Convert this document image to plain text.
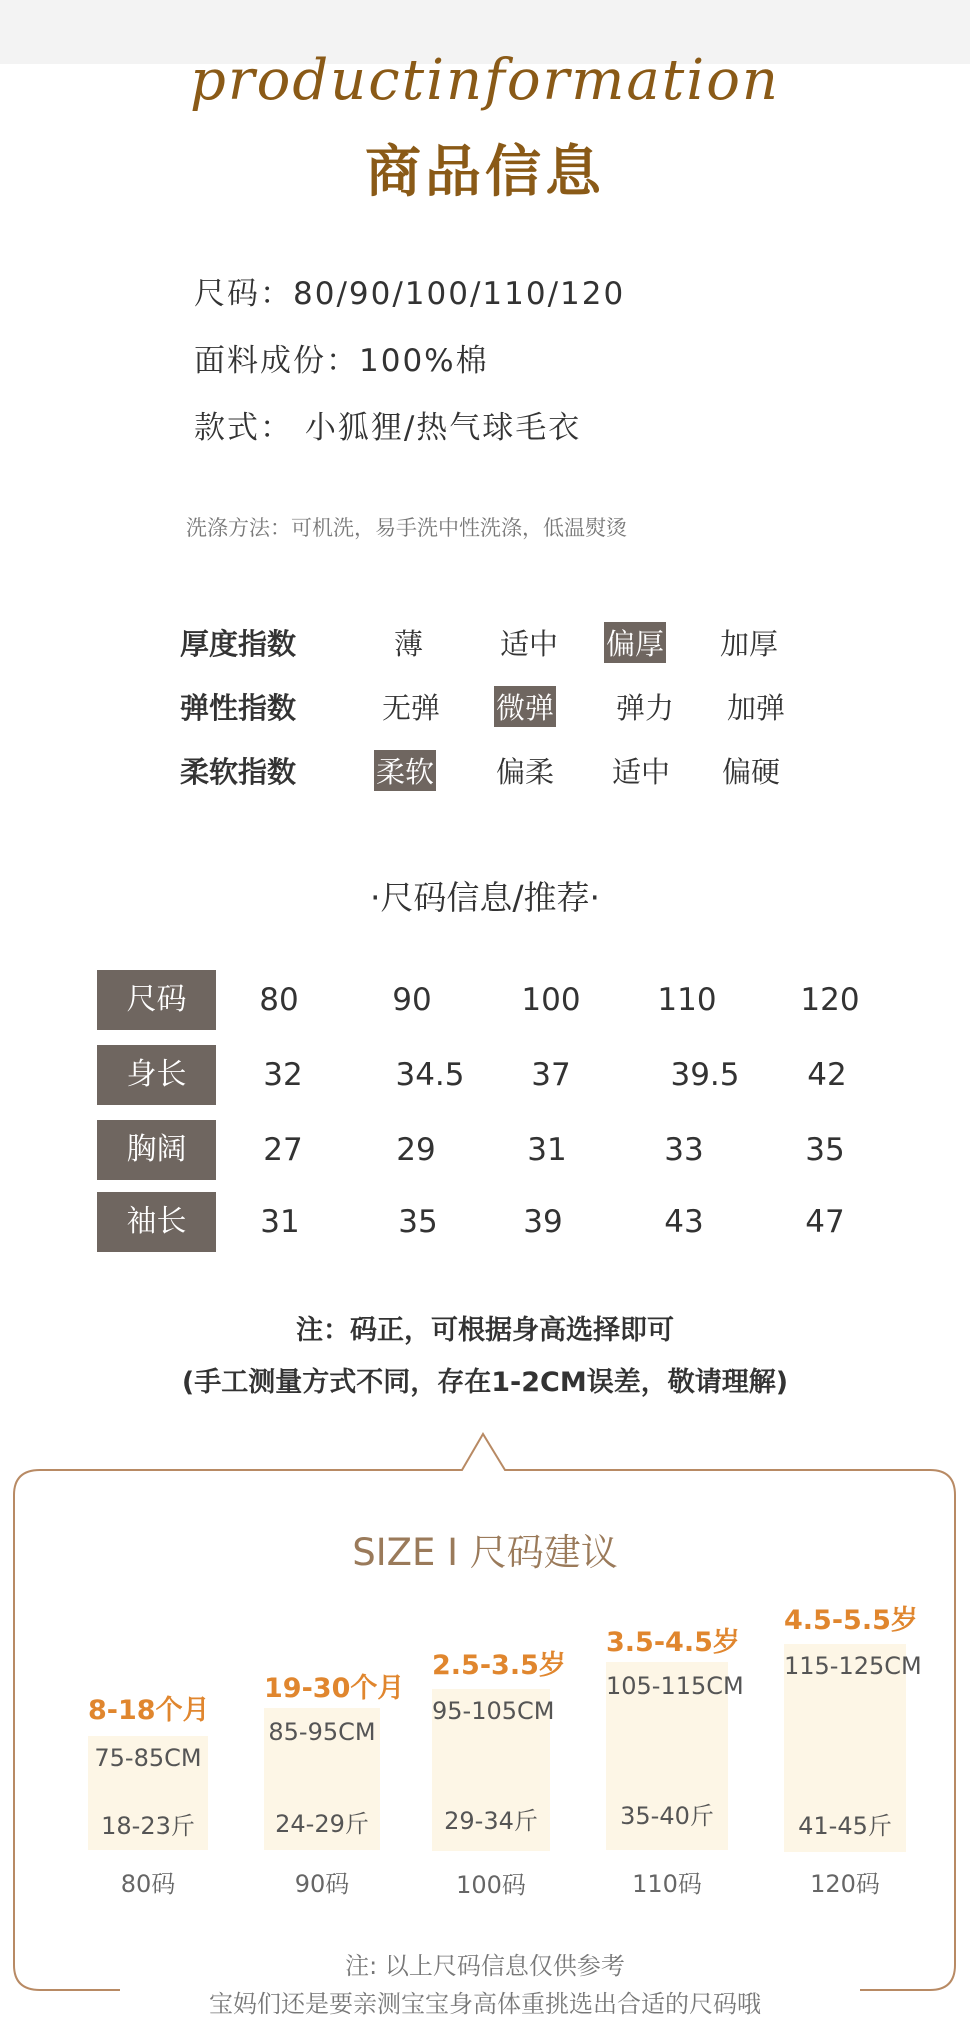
productinformation
商品信息
尺码：80/90/100/110/120
面料成份：100%棉
款式： 小狐狸/热气球毛衣
洗涤方法：可机洗，易手洗中性洗涤，低温熨烫
厚度指数	薄	适中 偏厚 加厚
弹性指数	无弹 微弹 弹力 加弹
柔软指数	柔软 偏柔 适中 偏硬
·尺码信息/推荐·
尺码	80	90	100	110	120
身长	32	34.5	37	39.5	42
胸阔	27	29	31	33	35
袖长	31	35	39	43	47
注：码正，可根据身高选择即可
(手工测量方式不同，存在1-2CM误差，敬请理解)
SIZE I 尺码建议
8-18个月
75-85CM
18-23斤
80码
19-30个月
85-95CM
24-29斤
90码
2.5-3.5岁
95-105CM
29-34斤
100码
3.5-4.5岁
105-115CM
35-40斤
110码
4.5-5.5岁
115-125CM
41-45斤
120码
注: 以上尺码信息仅供参考
宝妈们还是要亲测宝宝身高体重挑选出合适的尺码哦
